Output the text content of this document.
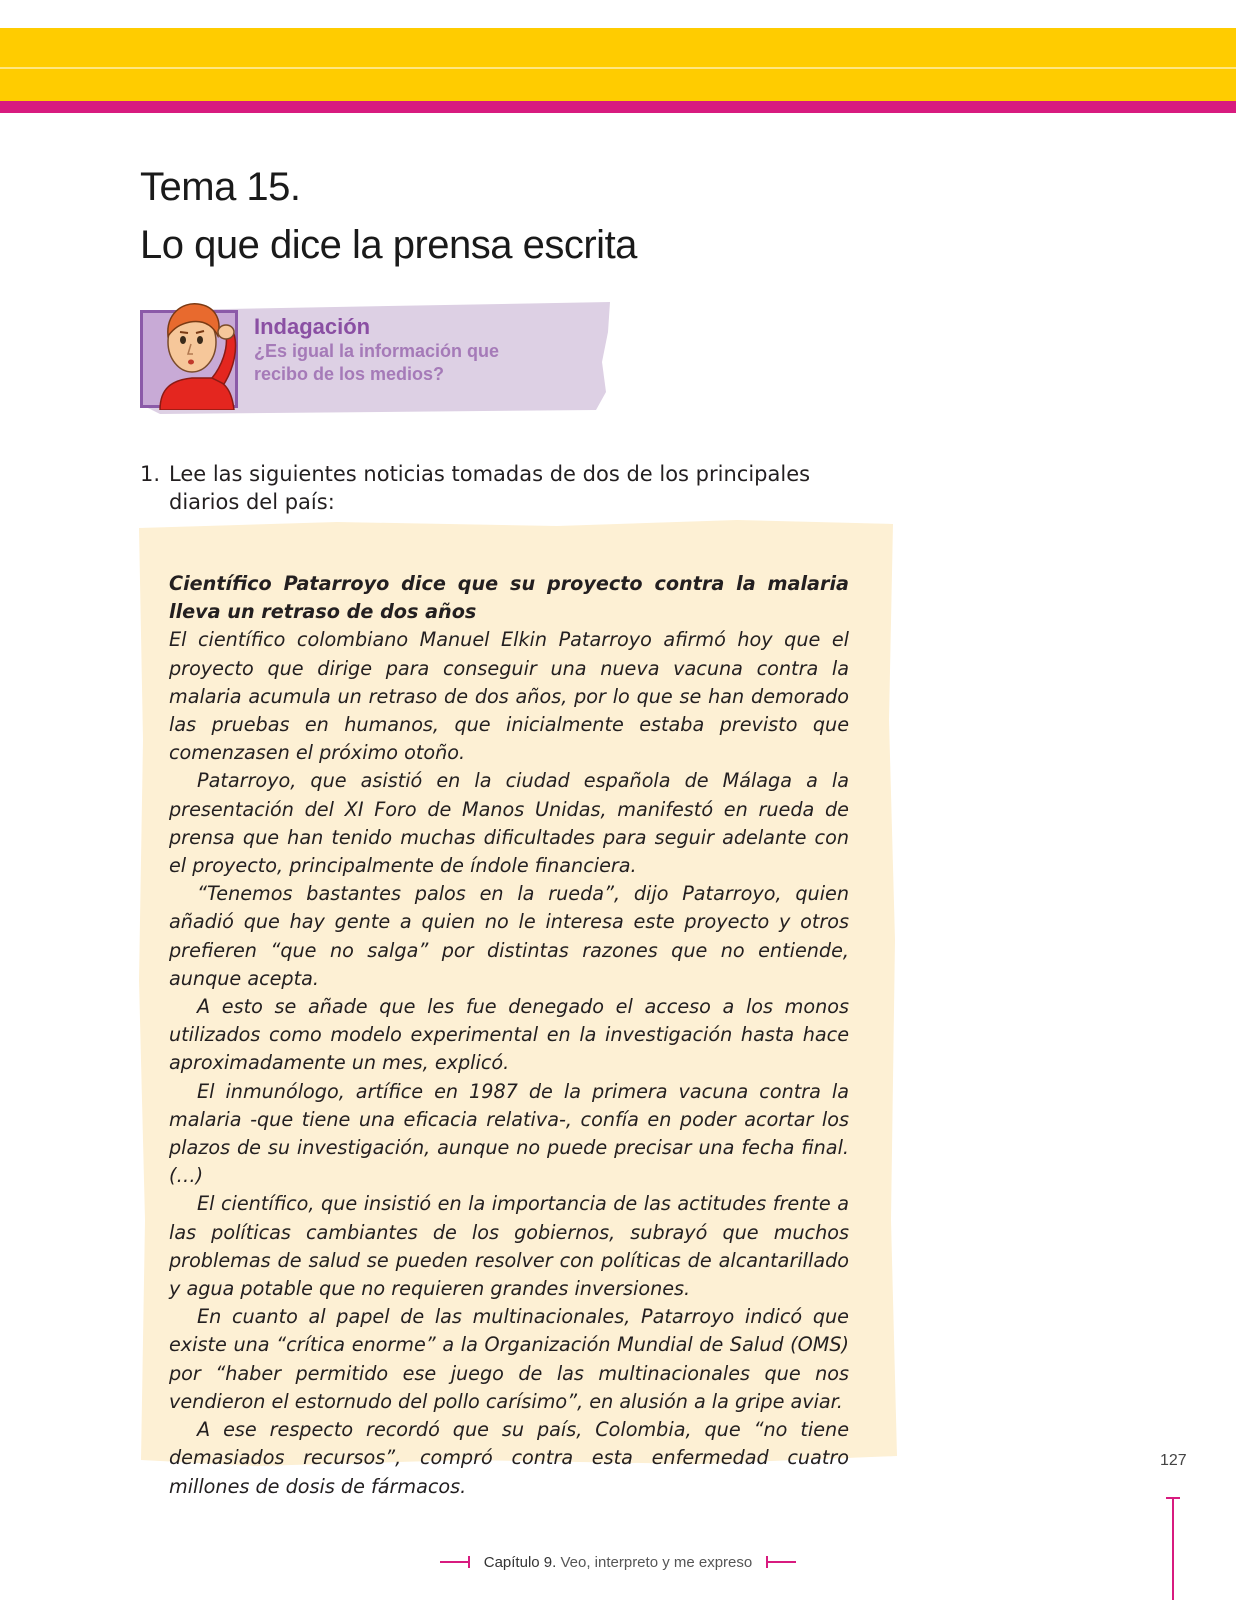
Tema 15.
Lo que dice la prensa escrita
Indagación
¿Es igual la información que recibo de los medios?
1. Lee las siguientes noticias tomadas de dos de los principales diarios del país:
Científico Patarroyo dice que su proyecto contra la malaria lleva un retraso de dos años

El científico colombiano Manuel Elkin Patarroyo afirmó hoy que el proyecto que dirige para conseguir una nueva vacuna contra la malaria acumula un retraso de dos años, por lo que se han demorado las pruebas en humanos, que inicialmente estaba previsto que comenzasen el próximo otoño.

Patarroyo, que asistió en la ciudad española de Málaga a la presentación del XI Foro de Manos Unidas, manifestó en rueda de prensa que han tenido muchas dificultades para seguir adelante con el proyecto, principalmente de índole financiera.

“Tenemos bastantes palos en la rueda”, dijo Patarroyo, quien añadió que hay gente a quien no le interesa este proyecto y otros prefieren “que no salga” por distintas razones que no entiende, aunque acepta.

A esto se añade que les fue denegado el acceso a los monos utilizados como modelo experimental en la investigación hasta hace aproximadamente un mes, explicó.

El inmunólogo, artífice en 1987 de la primera vacuna contra la malaria -que tiene una eficacia relativa-, confía en poder acortar los plazos de su investigación, aunque no puede precisar una fecha final. (…)

El científico, que insistió en la importancia de las actitudes frente a las políticas cambiantes de los gobiernos, subrayó que muchos problemas de salud se pueden resolver con políticas de alcantarillado y agua potable que no requieren grandes inversiones.

En cuanto al papel de las multinacionales, Patarroyo indicó que existe una “crítica enorme” a la Organización Mundial de Salud (OMS) por “haber permitido ese juego de las multinacionales que nos vendieron el estornudo del pollo carísimo”, en alusión a la gripe aviar.

A ese respecto recordó que su país, Colombia, que “no tiene demasiados recursos”, compró contra esta enfermedad cuatro millones de dosis de fármacos.

127
Capítulo 9. Veo, interpreto y me expreso
